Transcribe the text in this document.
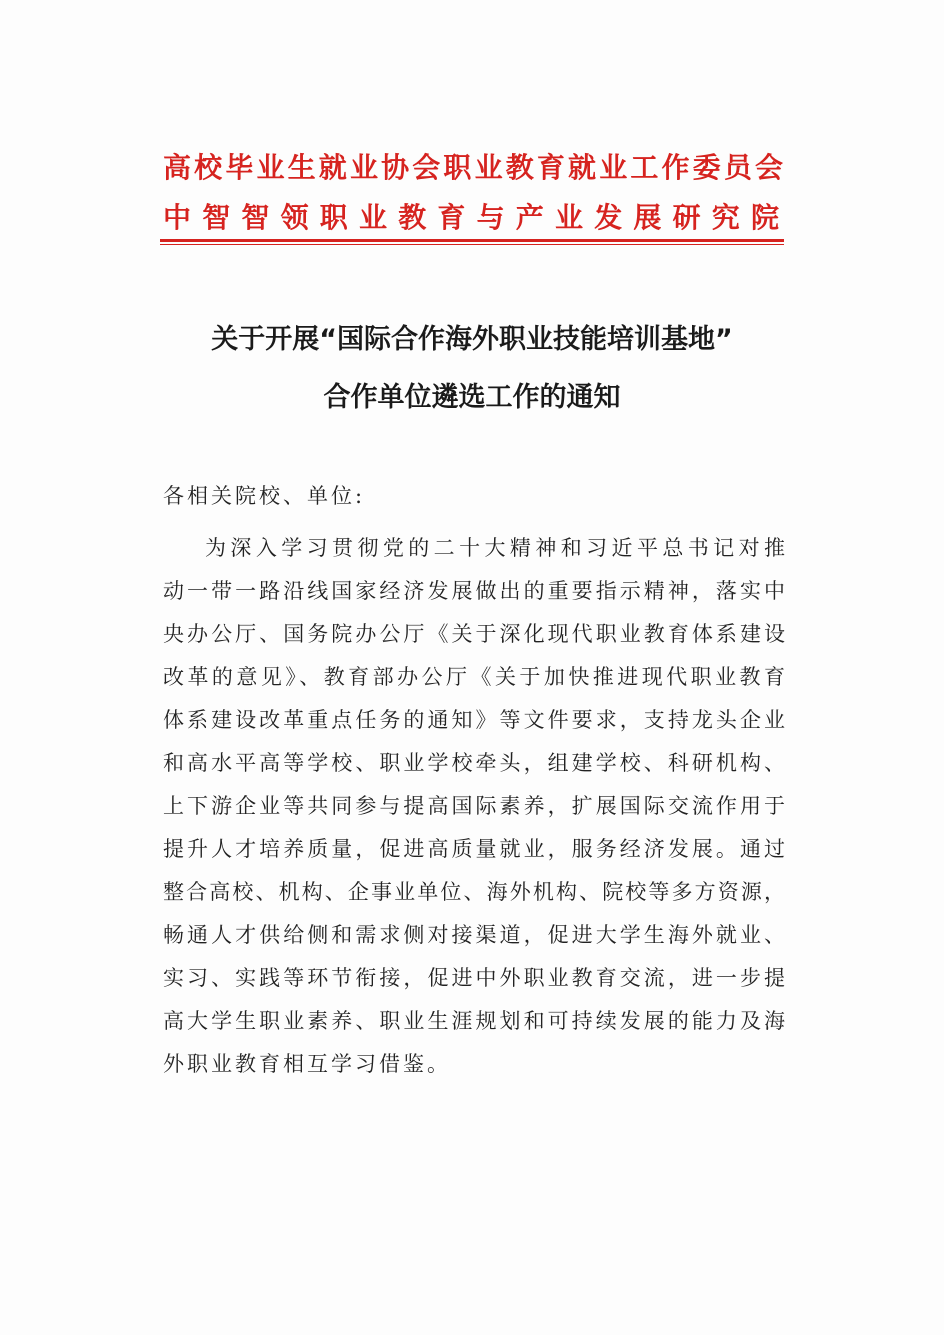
高校毕业生就业协会职业教育就业工作委员会
中智智领职业教育与产业发展研究院
关于开展“国际合作海外职业技能培训基地”
合作单位遴选工作的通知
各相关院校、单位:
为深入学习贯彻党的二十大精神和习近平总书记对推
动一带一路沿线国家经济发展做出的重要指示精神，落实中
央办公厅、国务院办公厅《关于深化现代职业教育体系建设
改革的意见》、教育部办公厅《关于加快推进现代职业教育
体系建设改革重点任务的通知》等文件要求，支持龙头企业
和高水平高等学校、职业学校牵头，组建学校、科研机构、
上下游企业等共同参与提高国际素养，扩展国际交流作用于
提升人才培养质量，促进高质量就业，服务经济发展。通过
整合高校、机构、企事业单位、海外机构、院校等多方资源，
畅通人才供给侧和需求侧对接渠道，促进大学生海外就业、
实习、实践等环节衔接，促进中外职业教育交流，进一步提
高大学生职业素养、职业生涯规划和可持续发展的能力及海
外职业教育相互学习借鉴。
